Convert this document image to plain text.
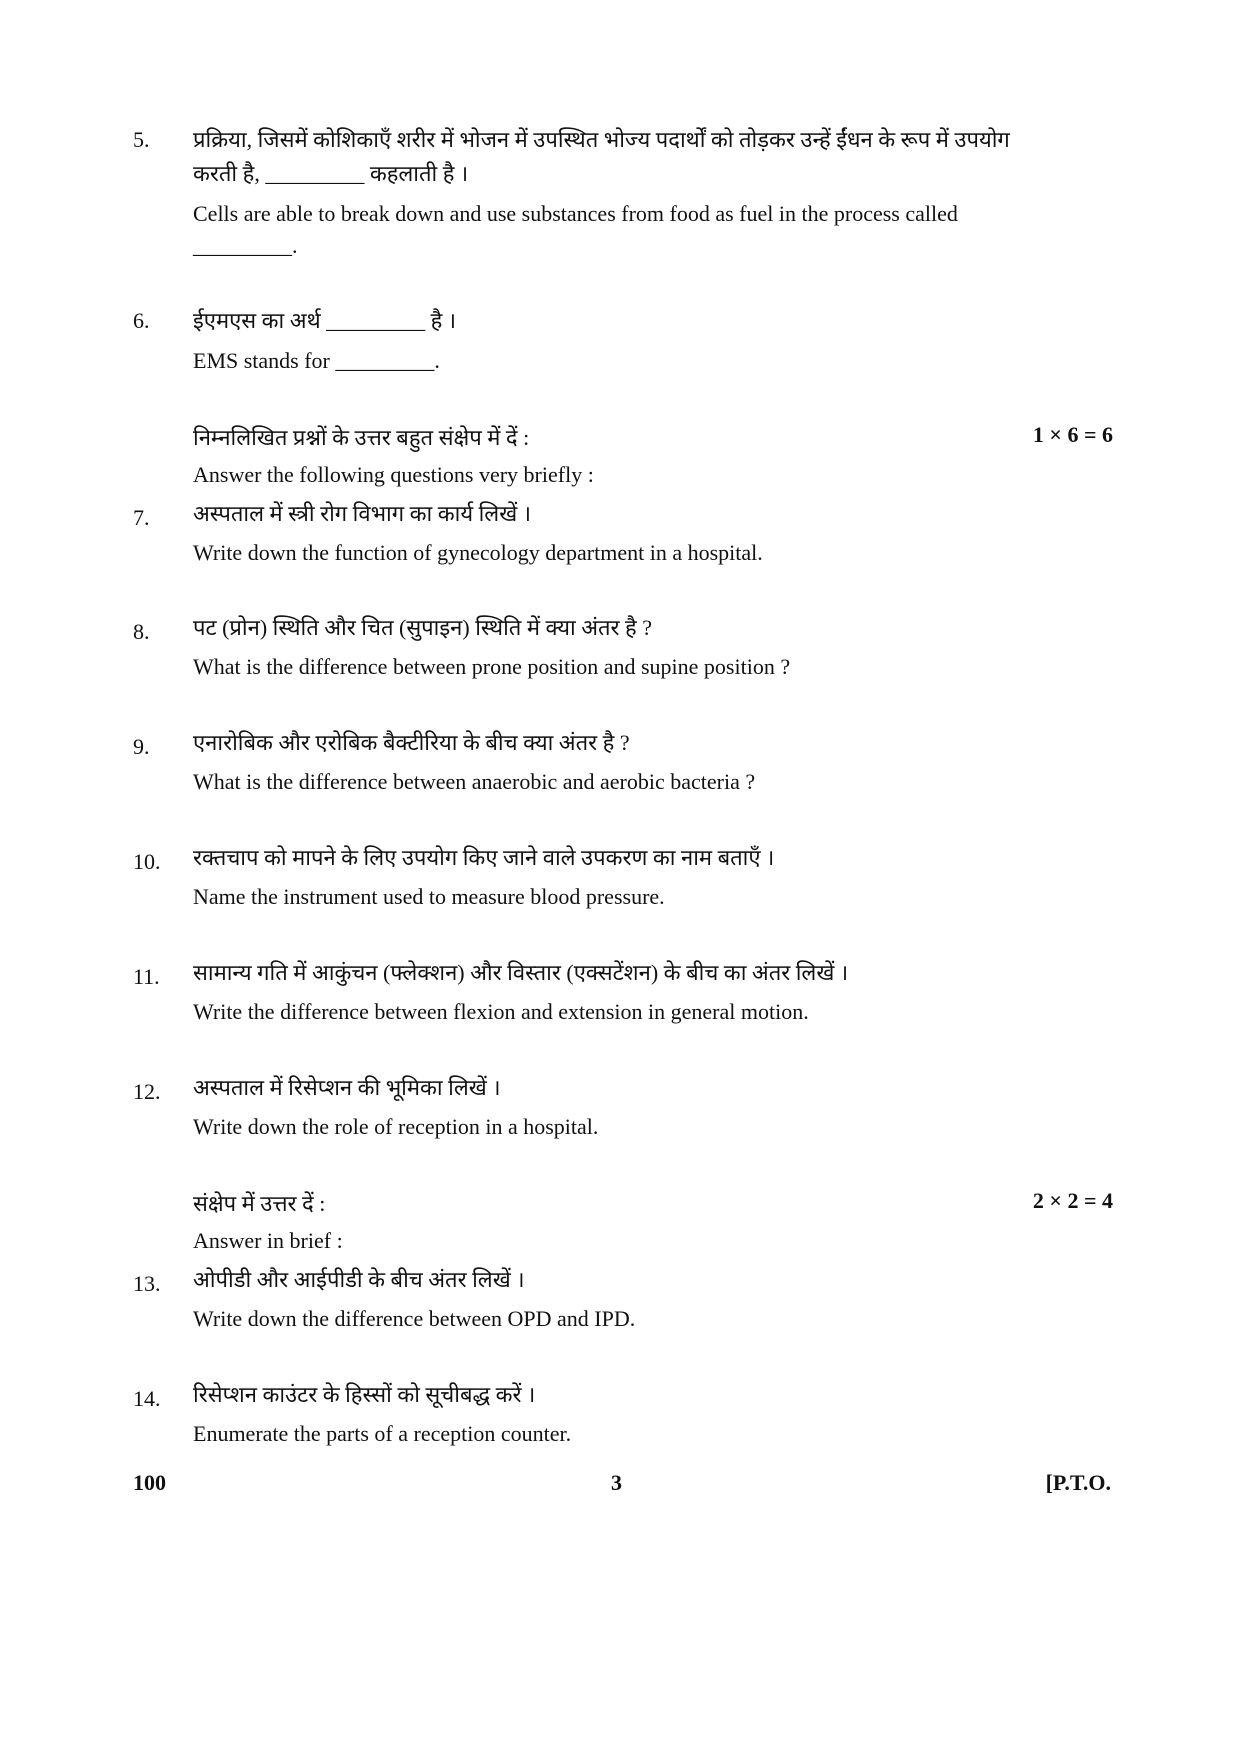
5. प्रक्रिया, जिसमें कोशिकाएँ शरीर में भोजन में उपस्थित भोज्य पदार्थों को तोड़कर उन्हें ईंधन के रूप में उपयोग
करती है, _________ कहलाती है ।
Cells are able to break down and use substances from food as fuel in the process called
_________.
6. ईएमएस का अर्थ _________ है ।
EMS stands for _________.
निम्नलिखित प्रश्नों के उत्तर बहुत संक्षेप में दें :	1 × 6 = 6
Answer the following questions very briefly :
7. अस्पताल में स्त्री रोग विभाग का कार्य लिखें ।
Write down the function of gynecology department in a hospital.
8. पट (प्रोन) स्थिति और चित (सुपाइन) स्थिति में क्या अंतर है ?
What is the difference between prone position and supine position ?
9. एनारोबिक और एरोबिक बैक्टीरिया के बीच क्या अंतर है ?
What is the difference between anaerobic and aerobic bacteria ?
10. रक्तचाप को मापने के लिए उपयोग किए जाने वाले उपकरण का नाम बताएँ ।
Name the instrument used to measure blood pressure.
11. सामान्य गति में आकुंचन (फ्लेक्शन) और विस्तार (एक्सटेंशन) के बीच का अंतर लिखें ।
Write the difference between flexion and extension in general motion.
12. अस्पताल में रिसेप्शन की भूमिका लिखें ।
Write down the role of reception in a hospital.
संक्षेप में उत्तर दें :	2 × 2 = 4
Answer in brief :
13. ओपीडी और आईपीडी के बीच अंतर लिखें ।
Write down the difference between OPD and IPD.
14. रिसेप्शन काउंटर के हिस्सों को सूचीबद्ध करें ।
Enumerate the parts of a reception counter.
100	3	[P.T.O.
